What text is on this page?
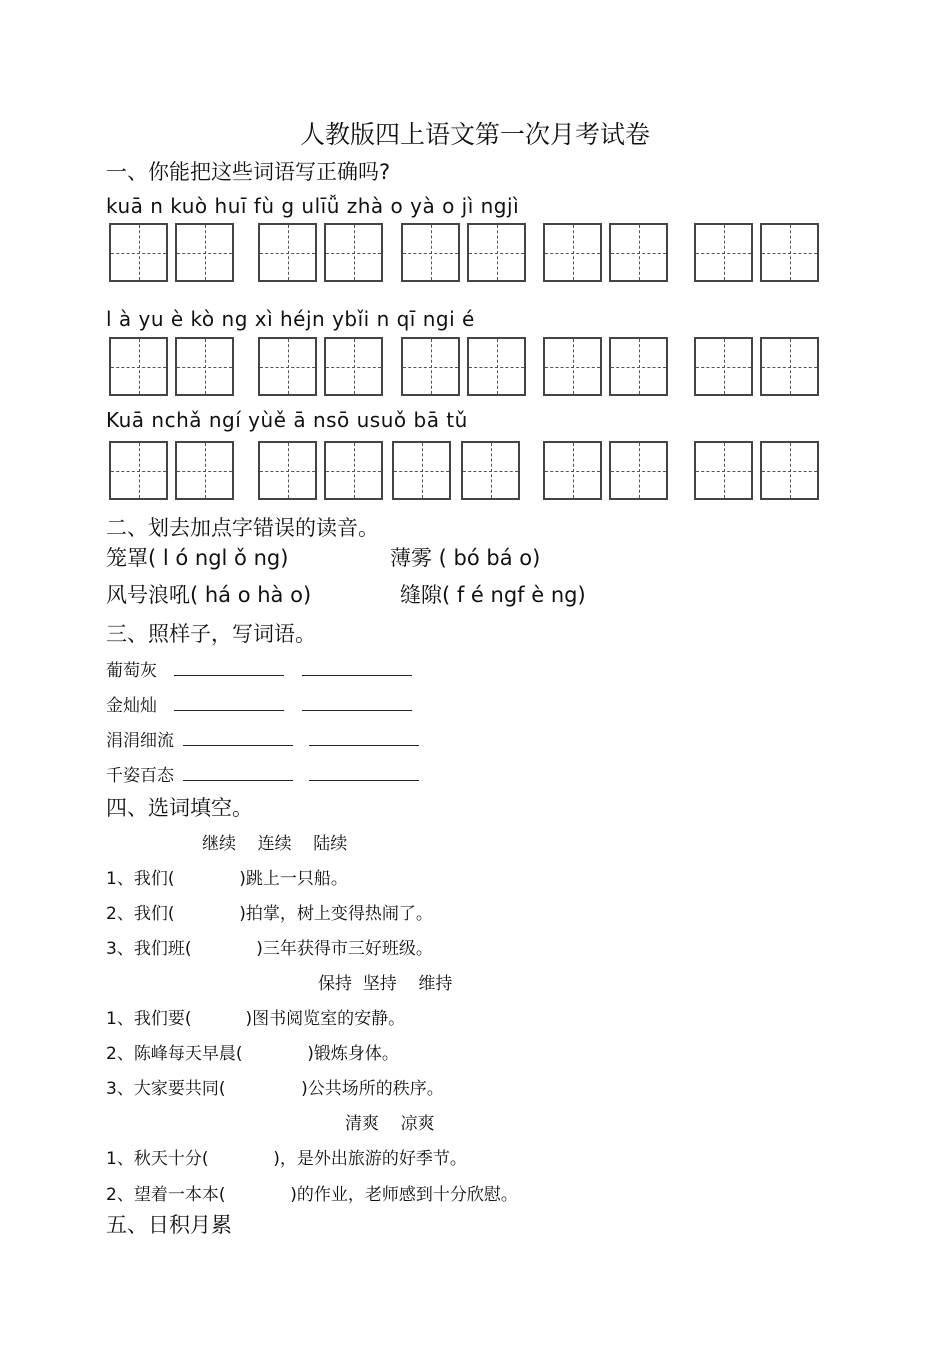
人教版四上语文第一次月考试卷
一、你能把这些词语写正确吗?
kuā n kuò huī fù g ulīǚ zhà o yà o jì ngjì
l à yu è kò ng xì héjn ybǐi n qī ngi é
Kuā nchǎ ngí yùě ā nsō usuǒ bā tǔ
二、划去加点字错误的读音。
笼罩( l ó ngl ǒ ng)	薄雾 ( bó bá o)
风号浪吼( há o hà o)	缝隙( f é ngf è ng)
三、照样子，写词语。
葡萄灰
金灿灿
涓涓细流
千姿百态
四、选词填空。
继续    连续    陆续
1、我们(            )跳上一只船。
2、我们(            )拍掌，树上变得热闹了。
3、我们班(            )三年获得市三好班级。
保持  坚持    维持
1、我们要(          )图书阅览室的安静。
2、陈峰每天早晨(            )锻炼身体。
3、大家要共同(              )公共场所的秩序。
清爽    凉爽
1、秋天十分(            )，是外出旅游的好季节。
2、望着一本本(            )的作业，老师感到十分欣慰。
五、日积月累
